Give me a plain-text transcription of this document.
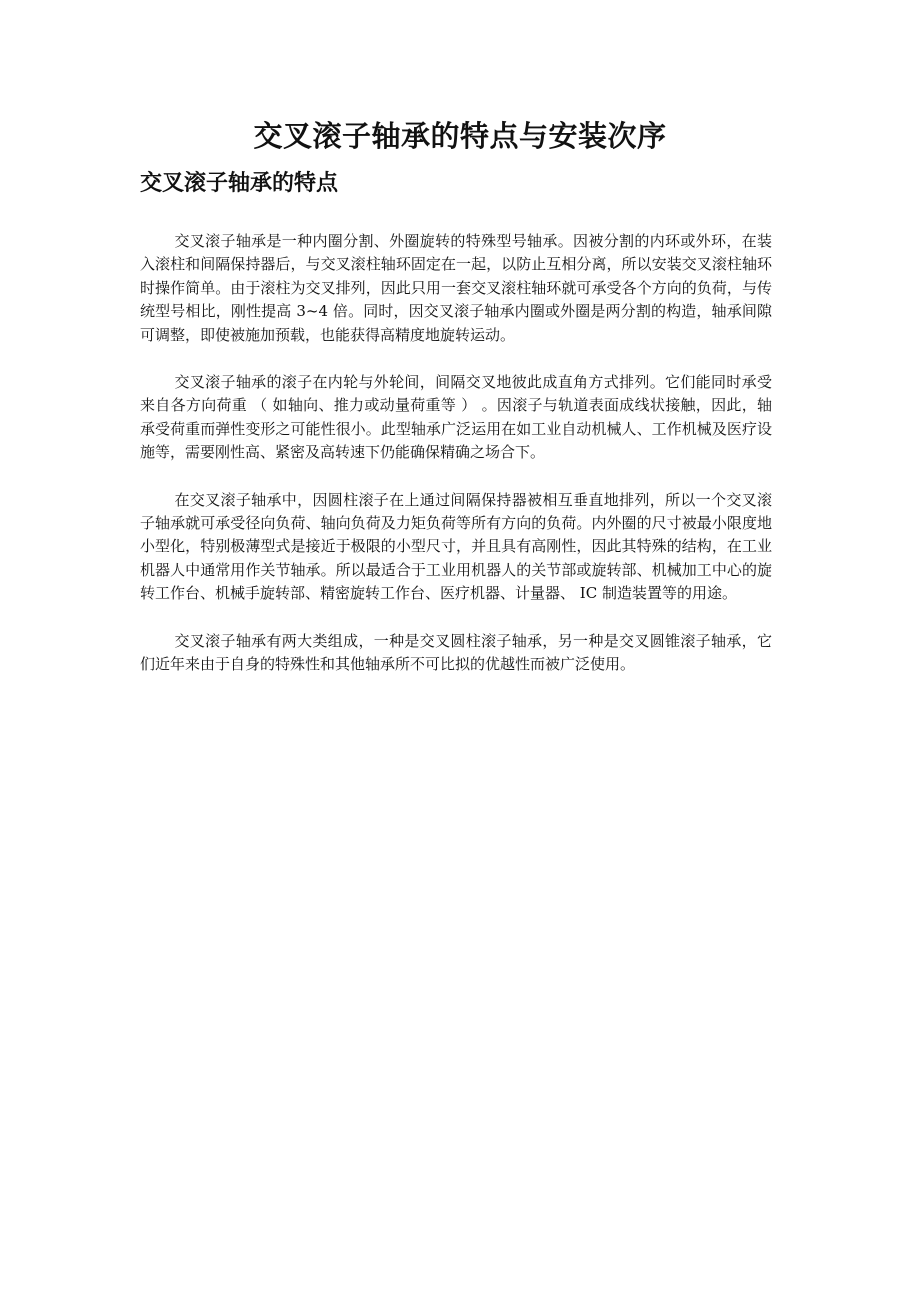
交叉滚子轴承的特点与安装次序
交叉滚子轴承的特点

交叉滚子轴承是一种内圈分割、外圈旋转的特殊型号轴承。因被分割的内环或外环，在装入滚柱和间隔保持器后，与交叉滚柱轴环固定在一起，以防止互相分离，所以安装交叉滚柱轴环时操作简单。由于滚柱为交叉排列，因此只用一套交叉滚柱轴环就可承受各个方向的负荷，与传统型号相比，刚性提高 3~4 倍。同时，因交叉滚子轴承内圈或外圈是两分割的构造，轴承间隙可调整，即使被施加预载，也能获得高精度地旋转运动。

交叉滚子轴承的滚子在内轮与外轮间，间隔交叉地彼此成直角方式排列。它们能同时承受来自各方向荷重 （ 如轴向、推力或动量荷重等 ） 。因滚子与轨道表面成线状接触，因此，轴承受荷重而弹性变形之可能性很小。此型轴承广泛运用在如工业自动机械人、工作机械及医疗设施等，需要刚性高、紧密及高转速下仍能确保精确之场合下。

在交叉滚子轴承中，因圆柱滚子在上通过间隔保持器被相互垂直地排列，所以一个交叉滚子轴承就可承受径向负荷、轴向负荷及力矩负荷等所有方向的负荷。内外圈的尺寸被最小限度地小型化，特别极薄型式是接近于极限的小型尺寸，并且具有高刚性，因此其特殊的结构，在工业机器人中通常用作关节轴承。所以最适合于工业用机器人的关节部或旋转部、机械加工中心的旋转工作台、机械手旋转部、精密旋转工作台、医疗机器、计量器、 IC 制造装置等的用途。

交叉滚子轴承有两大类组成，一种是交叉圆柱滚子轴承，另一种是交叉圆锥滚子轴承，它们近年来由于自身的特殊性和其他轴承所不可比拟的优越性而被广泛使用。
